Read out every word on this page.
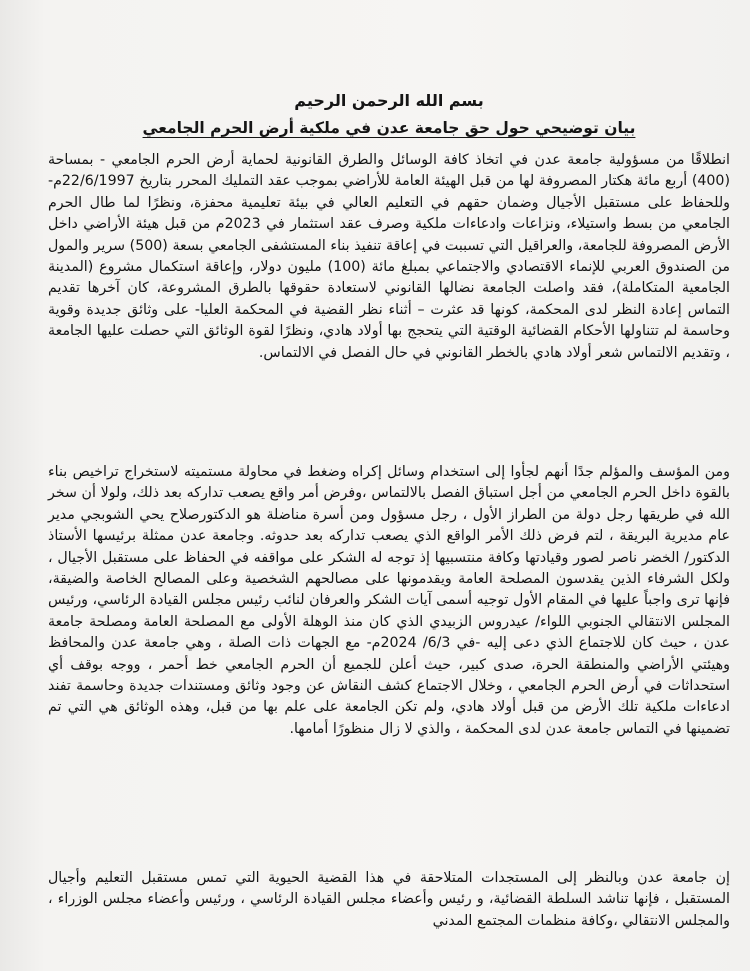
بسم الله الرحمن الرحيم
بيان توضيحي حول حق جامعة عدن في ملكية أرض الحرم الجامعي

انطلاقًا من مسؤولية جامعة عدن في اتخاذ كافة الوسائل والطرق القانونية لحماية أرض الحرم الجامعي - بمساحة (400) أربع مائة هكتار المصروفة لها من قبل الهيئة العامة للأراضي بموجب عقد التمليك المحرر بتاريخ 22/6/1997م- وللحفاظ على مستقبل الأجيال وضمان حقهم في التعليم العالي في بيئة تعليمية محفزة، ونظرًا لما طال الحرم الجامعي من بسط واستيلاء، ونزاعات وادعاءات ملكية وصرف عقد استثمار في 2023م من قبل هيئة الأراضي داخل الأرض المصروفة للجامعة، والعراقيل التي تسببت في إعاقة تنفيذ بناء المستشفى الجامعي بسعة (500) سرير والمول من الصندوق العربي للإنماء الاقتصادي والاجتماعي بمبلغ مائة (100) مليون دولار، وإعاقة استكمال مشروع (المدينة الجامعية المتكاملة)، فقد واصلت الجامعة نضالها القانوني لاستعادة حقوقها بالطرق المشروعة، كان آخرها تقديم التماس إعادة النظر لدى المحكمة، كونها قد عثرت – أثناء نظر القضية في المحكمة العليا- على وثائق جديدة وقوية وحاسمة لم تتناولها الأحكام القضائية الوقتية التي يتحجج بها أولاد هادي، ونظرًا لقوة الوثائق التي حصلت عليها الجامعة ، وتقديم الالتماس شعر أولاد هادي بالخطر القانوني في حال الفصل في الالتماس.

ومن المؤسف والمؤلم جدًا أنهم لجأوا إلى استخدام وسائل إكراه وضغط في محاولة مستميته لاستخراج تراخيص بناء بالقوة داخل الحرم الجامعي من أجل استباق الفصل بالالتماس ،وفرض أمر واقع يصعب تداركه بعد ذلك، ولولا أن سخر الله في طريقها رجل دولة من الطراز الأول ، رجل مسؤول ومن أسرة مناضلة هو الدكتورصلاح يحي الشوبجي مدير عام مديرية البريقة ، لتم فرض ذلك الأمر الواقع الذي يصعب تداركه بعد حدوثه. وجامعة عدن ممثلة برئيسها الأستاذ الدكتور/ الخضر ناصر لصور وقيادتها وكافة منتسبيها إذ توجه له الشكر على مواقفه في الحفاظ على مستقبل الأجيال ، ولكل الشرفاء الذين يقدسون المصلحة العامة ويقدمونها على مصالحهم الشخصية وعلى المصالح الخاصة والضيقة، فإنها ترى واجباً عليها في المقام الأول توجيه أسمى آيات الشكر والعرفان لنائب رئيس مجلس القيادة الرئاسي، ورئيس المجلس الانتقالي الجنوبي اللواء/ عيدروس الزبيدي الذي كان منذ الوهلة الأولى مع المصلحة العامة ومصلحة جامعة عدن ، حيث كان للاجتماع الذي دعى إليه -في 6/3/ 2024م- مع الجهات ذات الصلة ، وهي جامعة عدن والمحافظ وهيئتي الأراضي والمنطقة الحرة، صدى كبير، حيث أعلن للجميع أن الحرم الجامعي خط أحمر ، ووجه بوقف أي استحداثات في أرض الحرم الجامعي ، وخلال الاجتماع كشف النقاش عن وجود وثائق ومستندات جديدة وحاسمة تفند ادعاءات ملكية تلك الأرض من قبل أولاد هادي، ولم تكن الجامعة على علم بها من قبل، وهذه الوثائق هي التي تم تضمينها في التماس جامعة عدن لدى المحكمة ، والذي لا زال منظورًا أمامها.

إن جامعة عدن وبالنظر إلى المستجدات المتلاحقة في هذا القضية الحيوية التي تمس مستقبل التعليم وأجيال المستقبل ، فإنها تناشد السلطة القضائية، و رئيس وأعضاء مجلس القيادة الرئاسي ، ورئيس وأعضاء مجلس الوزراء ، والمجلس الانتقالي ،وكافة منظمات المجتمع المدني
